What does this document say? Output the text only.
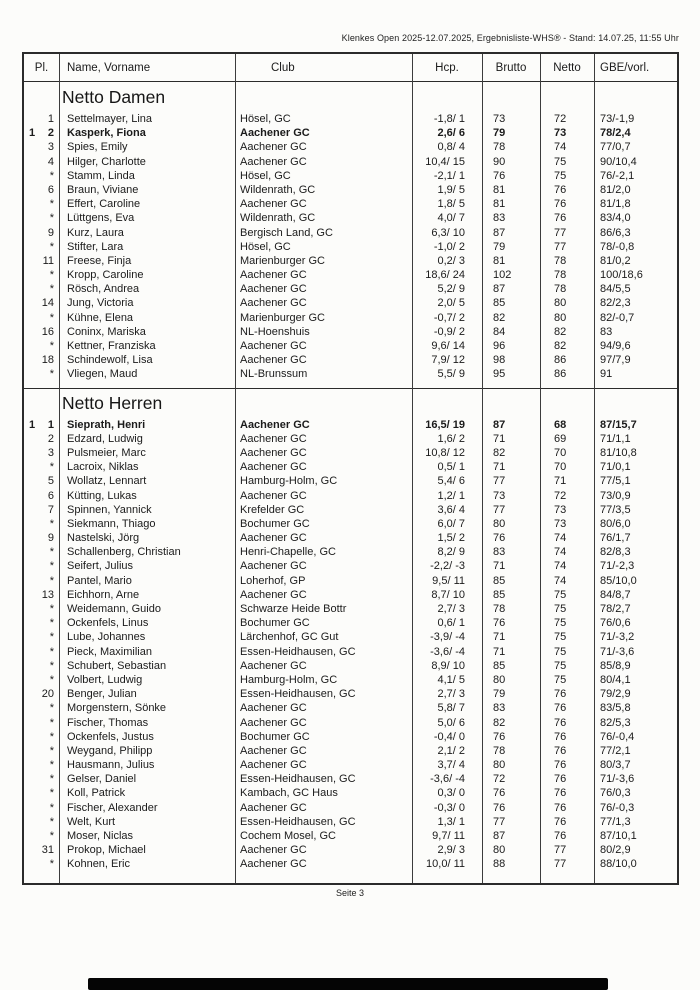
Klenkes Open 2025-12.07.2025, Ergebnisliste-WHS® - Stand: 14.07.25, 11:55 Uhr
Pl.	Name, Vorname	Club	Hcp.	Brutto	Netto	GBE/vorl.
Netto Damen
1	Settelmayer, Lina	Hösel, GC	-1,8/ 1	73	72	73/-1,9
1	2	Kasperk, Fiona	Aachener GC	2,6/ 6	79	73	78/2,4
3	Spies, Emily	Aachener GC	0,8/ 4	78	74	77/0,7
4	Hilger, Charlotte	Aachener GC	10,4/ 15	90	75	90/10,4
*	Stamm, Linda	Hösel, GC	-2,1/ 1	76	75	76/-2,1
6	Braun, Viviane	Wildenrath, GC	1,9/ 5	81	76	81/2,0
*	Effert, Caroline	Aachener GC	1,8/ 5	81	76	81/1,8
*	Lüttgens, Eva	Wildenrath, GC	4,0/ 7	83	76	83/4,0
9	Kurz, Laura	Bergisch Land, GC	6,3/ 10	87	77	86/6,3
*	Stifter, Lara	Hösel, GC	-1,0/ 2	79	77	78/-0,8
11	Freese, Finja	Marienburger GC	0,2/ 3	81	78	81/0,2
*	Kropp, Caroline	Aachener GC	18,6/ 24	102	78	100/18,6
*	Rösch, Andrea	Aachener GC	5,2/ 9	87	78	84/5,5
14	Jung, Victoria	Aachener GC	2,0/ 5	85	80	82/2,3
*	Kühne, Elena	Marienburger GC	-0,7/ 2	82	80	82/-0,7
16	Coninx, Mariska	NL-Hoenshuis	-0,9/ 2	84	82	83
*	Kettner, Franziska	Aachener GC	9,6/ 14	96	82	94/9,6
18	Schindewolf, Lisa	Aachener GC	7,9/ 12	98	86	97/7,9
*	Vliegen, Maud	NL-Brunssum	5,5/ 9	95	86	91
Netto Herren
1	1	Sieprath, Henri	Aachener GC	16,5/ 19	87	68	87/15,7
2	Edzard, Ludwig	Aachener GC	1,6/ 2	71	69	71/1,1
3	Pulsmeier, Marc	Aachener GC	10,8/ 12	82	70	81/10,8
*	Lacroix, Niklas	Aachener GC	0,5/ 1	71	70	71/0,1
5	Wollatz, Lennart	Hamburg-Holm, GC	5,4/ 6	77	71	77/5,1
6	Kütting, Lukas	Aachener GC	1,2/ 1	73	72	73/0,9
7	Spinnen, Yannick	Krefelder GC	3,6/ 4	77	73	77/3,5
*	Siekmann, Thiago	Bochumer GC	6,0/ 7	80	73	80/6,0
9	Nastelski, Jörg	Aachener GC	1,5/ 2	76	74	76/1,7
*	Schallenberg, Christian	Henri-Chapelle, GC	8,2/ 9	83	74	82/8,3
*	Seifert, Julius	Aachener GC	-2,2/ -3	71	74	71/-2,3
*	Pantel, Mario	Loherhof, GP	9,5/ 11	85	74	85/10,0
13	Eichhorn, Arne	Aachener GC	8,7/ 10	85	75	84/8,7
*	Weidemann, Guido	Schwarze Heide Bottr	2,7/ 3	78	75	78/2,7
*	Ockenfels, Linus	Bochumer GC	0,6/ 1	76	75	76/0,6
*	Lube, Johannes	Lärchenhof, GC Gut	-3,9/ -4	71	75	71/-3,2
*	Pieck, Maximilian	Essen-Heidhausen, GC	-3,6/ -4	71	75	71/-3,6
*	Schubert, Sebastian	Aachener GC	8,9/ 10	85	75	85/8,9
*	Volbert, Ludwig	Hamburg-Holm, GC	4,1/ 5	80	75	80/4,1
20	Benger, Julian	Essen-Heidhausen, GC	2,7/ 3	79	76	79/2,9
*	Morgenstern, Sönke	Aachener GC	5,8/ 7	83	76	83/5,8
*	Fischer, Thomas	Aachener GC	5,0/ 6	82	76	82/5,3
*	Ockenfels, Justus	Bochumer GC	-0,4/ 0	76	76	76/-0,4
*	Weygand, Philipp	Aachener GC	2,1/ 2	78	76	77/2,1
*	Hausmann, Julius	Aachener GC	3,7/ 4	80	76	80/3,7
*	Gelser, Daniel	Essen-Heidhausen, GC	-3,6/ -4	72	76	71/-3,6
*	Koll, Patrick	Kambach, GC Haus	0,3/ 0	76	76	76/0,3
*	Fischer, Alexander	Aachener GC	-0,3/ 0	76	76	76/-0,3
*	Welt, Kurt	Essen-Heidhausen, GC	1,3/ 1	77	76	77/1,3
*	Moser, Niclas	Cochem Mosel, GC	9,7/ 11	87	76	87/10,1
31	Prokop, Michael	Aachener GC	2,9/ 3	80	77	80/2,9
*	Kohnen, Eric	Aachener GC	10,0/ 11	88	77	88/10,0
Seite 3
